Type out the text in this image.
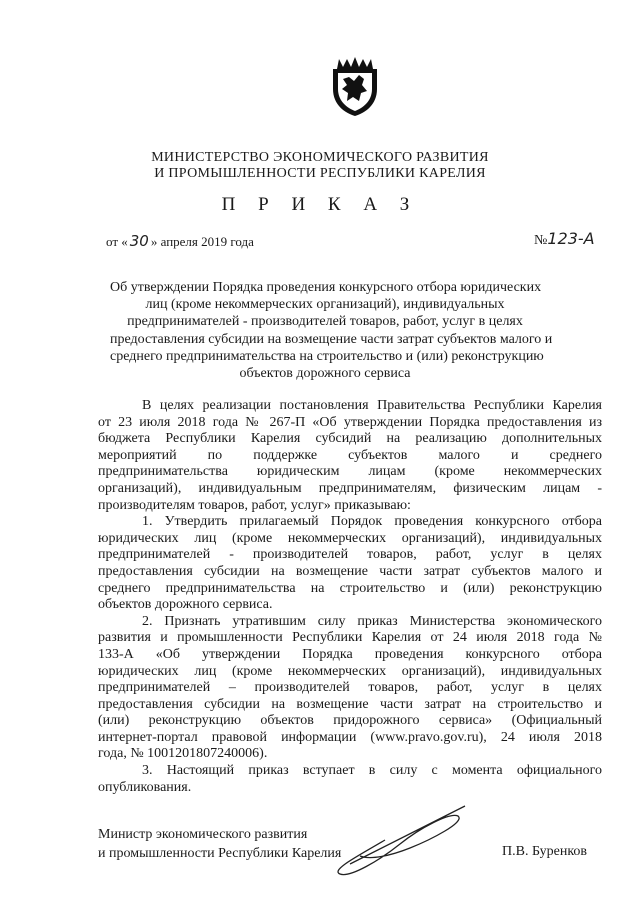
МИНИСТЕРСТВО ЭКОНОМИЧЕСКОГО РАЗВИТИЯ
И ПРОМЫШЛЕННОСТИ РЕСПУБЛИКИ КАРЕЛИЯ
П Р И К А З
от « 30 » апреля 2019 года	№123-А
Об утверждении Порядка проведения конкурсного отбора юридических
лиц (кроме некоммерческих организаций), индивидуальных
предпринимателей - производителей товаров, работ, услуг в целях
предоставления субсидии на возмещение части затрат субъектов малого и
среднего предпринимательства на строительство и (или) реконструкцию
объектов дорожного сервиса
В целях реализации постановления Правительства Республики Карелия
от 23 июля 2018 года № 267-П «Об утверждении Порядка предоставления из
бюджета Республики Карелия субсидий на реализацию дополнительных
мероприятий по поддержке субъектов малого и среднего
предпринимательства юридическим лицам (кроме некоммерческих
организаций), индивидуальным предпринимателям, физическим лицам -
производителям товаров, работ, услуг» приказываю:
1. Утвердить прилагаемый Порядок проведения конкурсного отбора
юридических лиц (кроме некоммерческих организаций), индивидуальных
предпринимателей - производителей товаров, работ, услуг в целях
предоставления субсидии на возмещение части затрат субъектов малого и
среднего предпринимательства на строительство и (или) реконструкцию
объектов дорожного сервиса.
2. Признать утратившим силу приказ Министерства экономического
развития и промышленности Республики Карелия от 24 июля 2018 года №
133-А «Об утверждении Порядка проведения конкурсного отбора
юридических лиц (кроме некоммерческих организаций), индивидуальных
предпринимателей – производителей товаров, работ, услуг в целях
предоставления субсидии на возмещение части затрат на строительство и
(или) реконструкцию объектов придорожного сервиса» (Официальный
интернет-портал правовой информации (www.pravo.gov.ru), 24 июля 2018
года, № 1001201807240006).
3. Настоящий приказ вступает в силу с момента официального
опубликования.
Министр экономического развития
и промышленности Республики Карелия	П.В. Буренков
